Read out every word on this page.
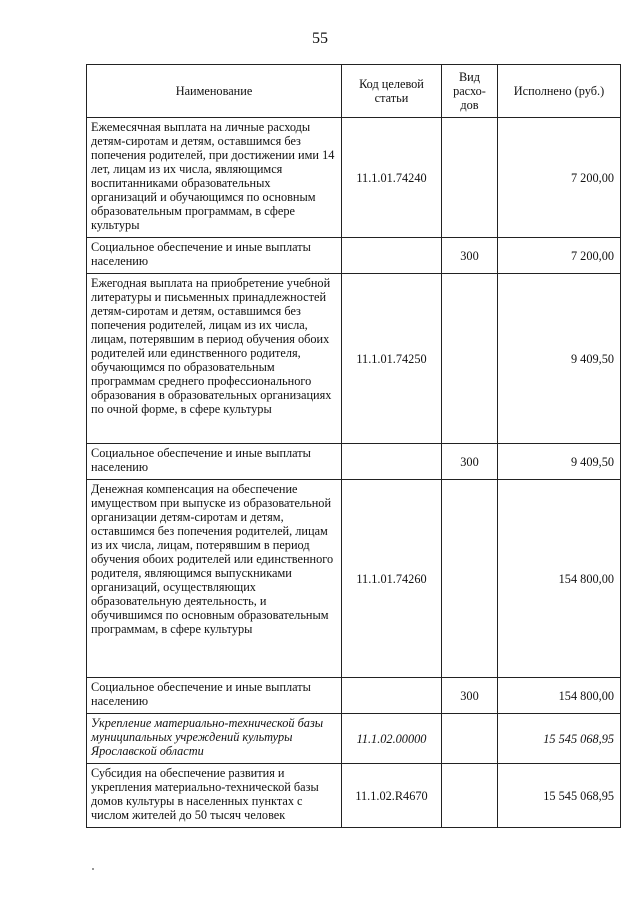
55
Наименование	Код целевой статьи	Вид расхо-дов	Исполнено (руб.)
Ежемесячная выплата на личные расходы детям-сиротам и детям, оставшимся без попечения родителей, при достижении ими 14 лет, лицам из их числа, являющимся воспитанниками образовательных организаций и обучающимся по основным образовательным программам, в сфере культуры	11.1.01.74240		7 200,00
Социальное обеспечение и иные выплаты населению		300	7 200,00
Ежегодная выплата на приобретение учебной литературы и письменных принадлежностей детям-сиротам и детям, оставшимся без попечения родителей, лицам из их числа, лицам, потерявшим в период обучения обоих родителей или единственного родителя, обучающимся по образовательным программам среднего профессионального образования в образовательных организациях по очной форме, в сфере культуры	11.1.01.74250		9 409,50
Социальное обеспечение и иные выплаты населению		300	9 409,50
Денежная компенсация на обеспечение имуществом при выпуске из образовательной организации детям-сиротам и детям, оставшимся без попечения родителей, лицам из их числа, лицам, потерявшим в период обучения обоих родителей или единственного родителя, являющимся выпускниками организаций, осуществляющих образовательную деятельность, и обучившимся по основным образовательным программам, в сфере культуры	11.1.01.74260		154 800,00
Социальное обеспечение и иные выплаты населению		300	154 800,00
Укрепление материально-технической базы муниципальных учреждений культуры Ярославской области	11.1.02.00000		15 545 068,95
Субсидия на обеспечение развития и укрепления материально-технической базы домов культуры в населенных пунктах с числом жителей до 50 тысяч человек	11.1.02.R4670		15 545 068,95
